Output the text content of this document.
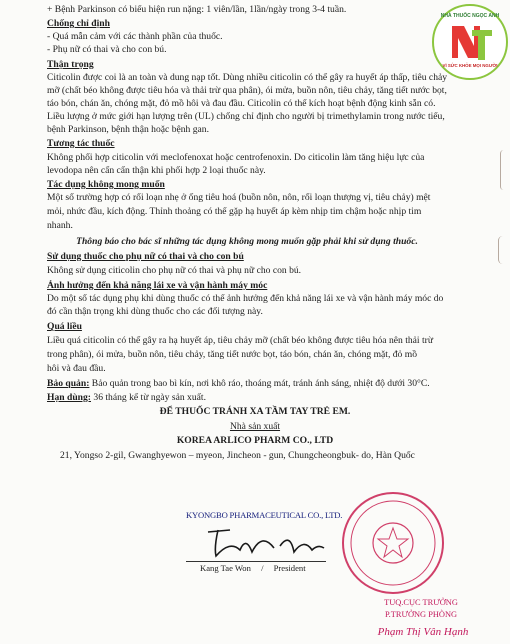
NHÀ THUỐC NGỌC ANH
VÌ SỨC KHỎE MỌI NGƯỜI
+ Bệnh Parkinson có biểu hiện run nặng: 1 viên/lần, 1lần/ngày trong 3-4 tuần.
Chống chỉ định
- Quá mẫn cảm với các thành phần của thuốc.
- Phụ nữ có thai và cho con bú.
Thận trọng
Citicolin được coi là an toàn và dung nạp tốt. Dùng nhiều citicolin có thể gây ra huyết áp thấp, tiêu chảy
mỡ (chất béo không được tiêu hóa và thải trừ qua phân), ói mửa, buồn nôn, tiêu chảy, tăng tiết nước bọt,
táo bón, chán ăn, chóng mặt, đỏ mồ hôi và đau đầu. Citicolin có thể kích hoạt bệnh động kinh sẵn có.
Liều lượng ở mức giới hạn lượng trên (UL) chống chỉ định cho người bị trimethylamin trong nước tiểu,
bệnh Parkinson, bệnh thận hoặc bệnh gan.
Tương tác thuốc
Không phối hợp citicolin với meclofenoxat hoặc centrofenoxin. Do citicolin làm tăng hiệu lực của
levodopa nên cẩn cẩn thận khi phối hợp 2 loại thuốc này.
Tác dụng không mong muốn
Một số trường hợp có rối loạn nhẹ ở ống tiêu hoá (buồn nôn, nôn, rối loạn thượng vị, tiêu chảy) mệt
mỏi, nhức đầu, kích động. Thỉnh thoảng có thể gặp hạ huyết áp kèm nhịp tim chậm hoặc nhịp tim
nhanh.
Thông báo cho bác sĩ những tác dụng không mong muốn gặp phải khi sử dụng thuốc.
Sử dụng thuốc cho phụ nữ có thai và cho con bú
Không sử dụng citicolin cho phụ nữ có thai và phụ nữ cho con bú.
Ảnh hưởng đến khả năng lái xe và vận hành máy móc
Do một số tác dụng phụ khi dùng thuốc có thể ảnh hưởng đến khả năng lái xe và vận hành máy móc do
đó cần thận trọng khi dùng thuốc cho các đối tượng này.
Quá liều
Liều quá citicolin có thể gây ra hạ huyết áp, tiêu chảy mỡ (chất béo không được tiêu hóa nên thải trừ
trong phân), ói mửa, buồn nôn, tiêu chảy, tăng tiết nước bọt, táo bón, chán ăn, chóng mặt, đỏ mồ
hôi và đau đầu.
Bảo quản: Bảo quản trong bao bì kín, nơi khô ráo, thoáng mát, tránh ánh sáng, nhiệt độ dưới 30°C.
Hạn dùng: 36 tháng kể từ ngày sản xuất.
ĐỂ THUỐC TRÁNH XA TẦM TAY TRẺ EM.
Nhà sản xuất
KOREA ARLICO PHARM CO., LTD
21, Yongso 2-gil, Gwanghyewon – myeon, Jincheon - gun, Chungcheongbuk- do, Hàn Quốc
KYONGBO PHARMACEUTICAL CO., LTD.
Kang Tae Won / President
TUQ.CỤC TRƯỞNG
P.TRƯỞNG PHÒNG
Phạm Thị Vân Hạnh
